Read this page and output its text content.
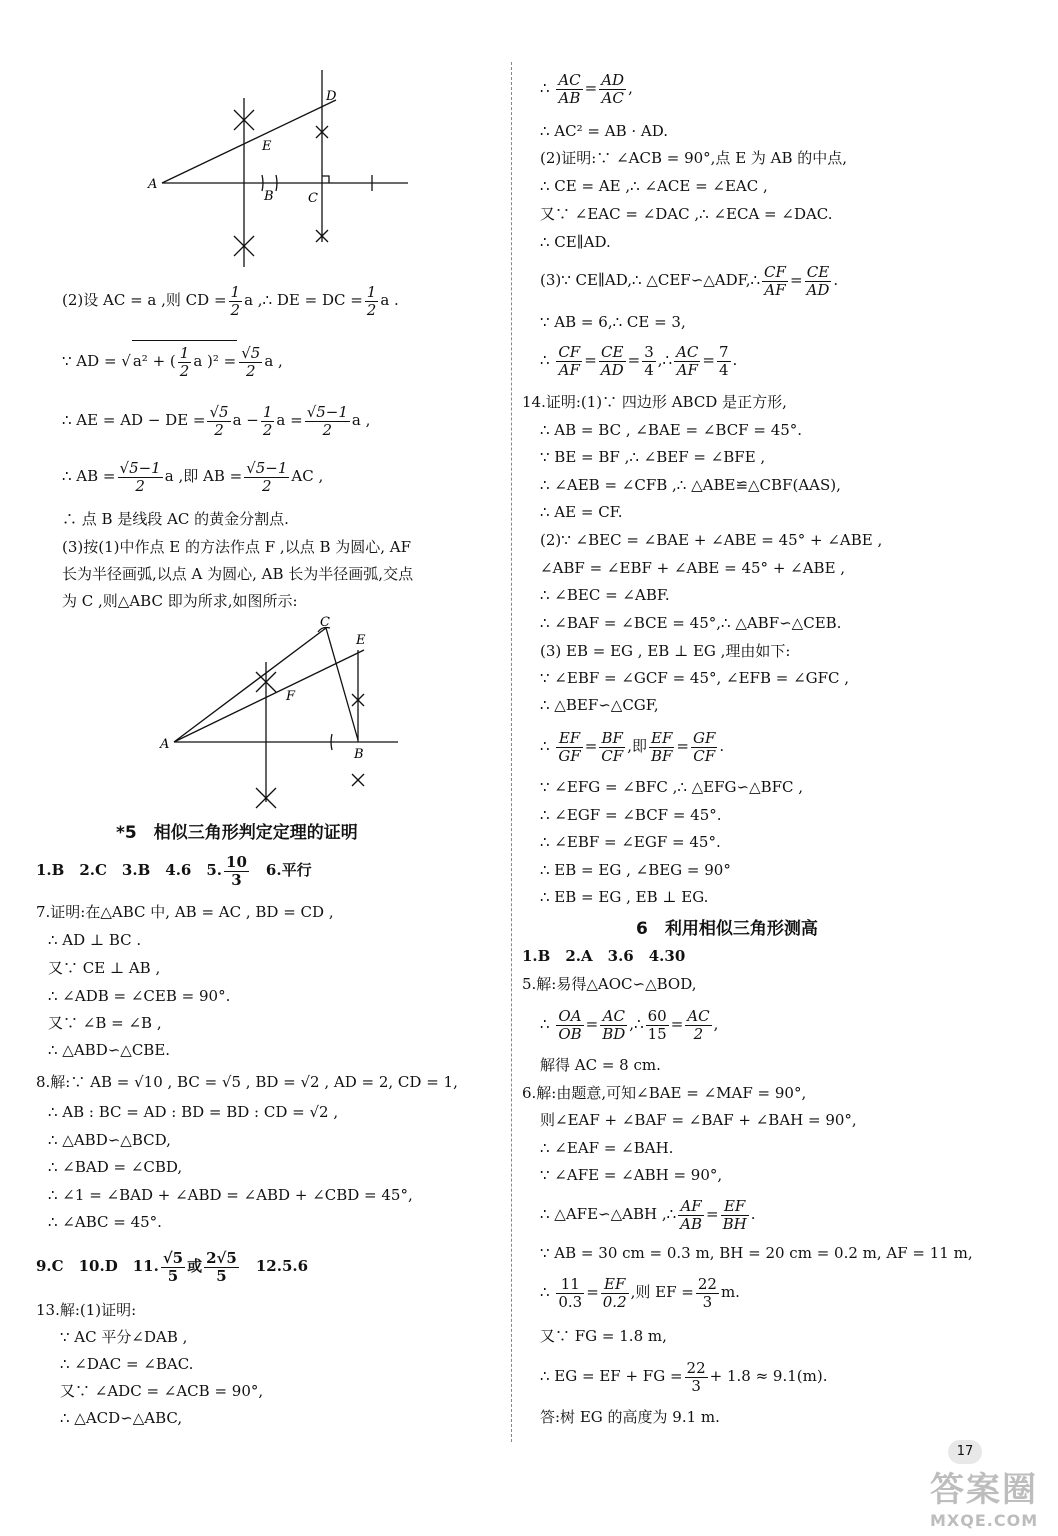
A
B	C
D
E
(2)设 AC = a ,则 CD = $\frac{1}{2}$ a ,∴ DE = DC = $\frac{1}{2}$ a .
∵ AD = √ a² + ( $\frac{1}{2}$ a )$^2 = \frac{√5}{2}$ a ,
∴ AE = AD − DE = $\frac{√5}{2}$ $a - \frac{1}{2}$ $a = \frac{√5-1}{2}$ a ,
∴ AB = $\frac{√5-1}{2}$ a ,即 AB = $\frac{√5-1}{2}$ AC ,
∴ 点 B 是线段 AC 的黄金分割点.
(3)按(1)中作点 E 的方法作点 F ,以点 B 为圆心, AF
长为半径画弧,以点 A 为圆心, AB 长为半径画弧,交点
为 C ,则△ABC 即为所求,如图所示:
A
B
C
E
F
*5　相似三角形判定定理的证明
1.B　2.C　3.B　4.6　5. $\frac{10}{3}$ 　6.平行
7.证明:在△ABC 中, AB = AC , BD = CD ,
∴ AD ⊥ BC .
又∵ CE ⊥ AB ,
∴ ∠ADB = ∠CEB = 90°.
又∵ ∠B = ∠B ,
∴ △ABD∽△CBE.
8.解:∵ AB = √10 , BC = √5 , BD = √2 , AD = 2, CD = 1,
∴ AB : BC = AD : BD = BD : CD = √2 ,
∴ △ABD∽△BCD,
∴ ∠BAD = ∠CBD,
∴ ∠1 = ∠BAD + ∠ABD = ∠ABD + ∠CBD = 45°,
∴ ∠ABC = 45°.
9.C　10.D　11. $\frac{√5}{5}$ 或 $\frac{2√5}{5}$ 　12.5.6
13.解:(1)证明:
∵ AC 平分∠DAB ,
∴ ∠DAC = ∠BAC.
又∵ ∠ADC = ∠ACB = 90°,
∴ △ACD∽△ABC,
∴ $\frac{AC}{AB} = \frac{AD}{AC}$ ,
∴ AC² = AB · AD.
(2)证明:∵ ∠ACB = 90°,点 E 为 AB 的中点,
∴ CE = AE ,∴ ∠ACE = ∠EAC ,
又∵ ∠EAC = ∠DAC ,∴ ∠ECA = ∠DAC.
∴ CE∥AD.
(3)∵ CE∥AD,∴ △CEF∽△ADF,∴ $\frac{CF}{AF} = \frac{CE}{AD}$ .
∵ AB = 6,∴ CE = 3,
∴ $\frac{CF}{AF} = \frac{CE}{AD} = \frac{3}{4}$ ,∴ $\frac{AC}{AF} = \frac{7}{4}$ .
14.证明:(1)∵ 四边形 ABCD 是正方形,
∴ AB = BC , ∠BAE = ∠BCF = 45°.
∵ BE = BF ,∴ ∠BEF = ∠BFE ,
∴ ∠AEB = ∠CFB ,∴ △ABE≌△CBF(AAS),
∴ AE = CF.
(2)∵ ∠BEC = ∠BAE + ∠ABE = 45° + ∠ABE ,
∠ABF = ∠EBF + ∠ABE = 45° + ∠ABE ,
∴ ∠BEC = ∠ABF.
∴ ∠BAF = ∠BCE = 45°,∴ △ABF∽△CEB.
(3) EB = EG , EB ⊥ EG ,理由如下:
∵ ∠EBF = ∠GCF = 45°, ∠EFB = ∠GFC ,
∴ △BEF∽△CGF,
∴ $\frac{EF}{GF} = \frac{BF}{CF}$ ,即 $\frac{EF}{BF} = \frac{GF}{CF}$ .
∵ ∠EFG = ∠BFC ,∴ △EFG∽△BFC ,
∴ ∠EGF = ∠BCF = 45°.
∴ ∠EBF = ∠EGF = 45°.
∴ EB = EG , ∠BEG = 90°
∴ EB = EG , EB ⊥ EG.
6　利用相似三角形测高
1.B　2.A　3.6　4.30
5.解:易得△AOC∽△BOD,
∴ $\frac{OA}{OB} = \frac{AC}{BD}$ ,∴ $\frac{60}{15} = \frac{AC}{2}$ ,
解得 AC = 8 cm.
6.解:由题意,可知∠BAE = ∠MAF = 90°,
则∠EAF + ∠BAF = ∠BAF + ∠BAH = 90°,
∴ ∠EAF = ∠BAH.
∵ ∠AFE = ∠ABH = 90°,
∴ △AFE∽△ABH ,∴ $\frac{AF}{AB} = \frac{EF}{BH}$ .
∵ AB = 30 cm = 0.3 m, BH = 20 cm = 0.2 m, AF = 11 m,
∴ $\frac{11}{0.3} = \frac{EF}{0.2}$ ,则 EF = $\frac{22}{3} m$.
又∵ FG = 1.8 m,
∴ EG = EF + FG = $\frac{22}{3} + 1.8 \approx 9.1(m)$.
答:树 EG 的高度为 9.1 m.
17
答案圈
MXQE.COM
